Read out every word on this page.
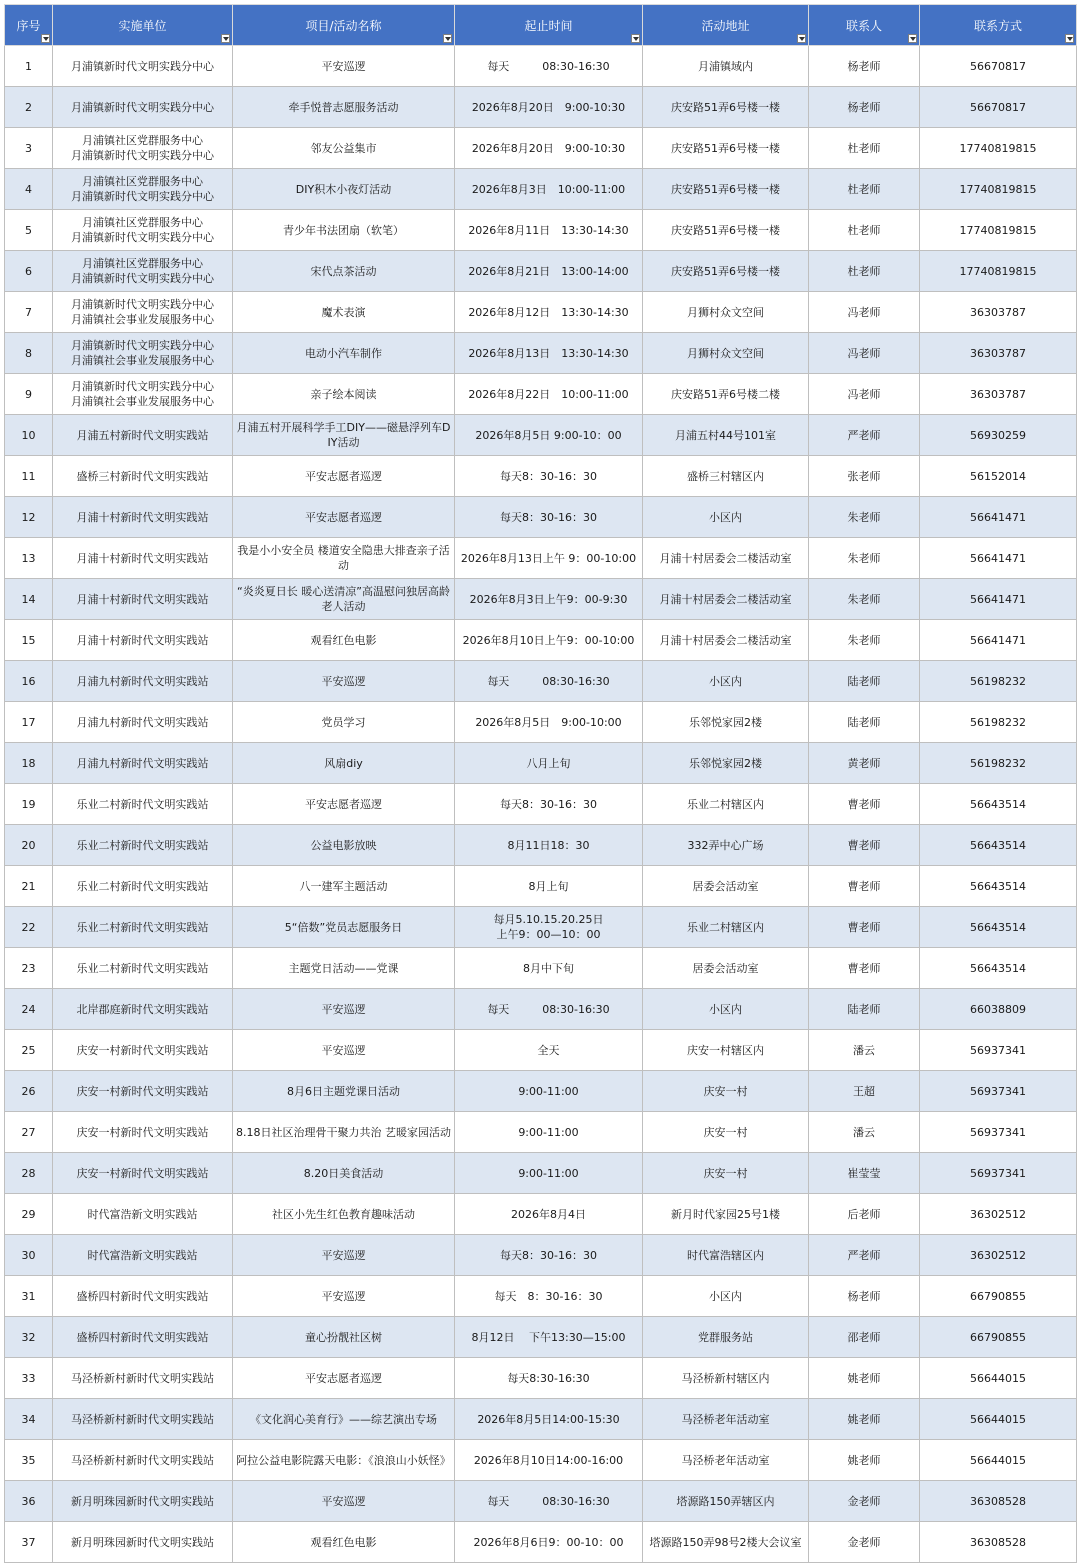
序号	实施单位	项目/活动名称	起止时间	活动地址	联系人	联系方式

1	月浦镇新时代文明实践分中心	平安巡逻	每天　　　08:30-16:30	月浦镇域内	杨老师	56670817
2	月浦镇新时代文明实践分中心	牵手悦普志愿服务活动	2026年8月20日　9:00-10:30	庆安路51弄6号楼一楼	杨老师	56670817
3	月浦镇社区党群服务中心
月浦镇新时代文明实践分中心	邻友公益集市	2026年8月20日　9:00-10:30	庆安路51弄6号楼一楼	杜老师	17740819815
4	月浦镇社区党群服务中心
月浦镇新时代文明实践分中心	DIY积木小夜灯活动	2026年8月3日　10:00-11:00	庆安路51弄6号楼一楼	杜老师	17740819815
5	月浦镇社区党群服务中心
月浦镇新时代文明实践分中心	青少年书法团扇（软笔）	2026年8月11日　13:30-14:30	庆安路51弄6号楼一楼	杜老师	17740819815
6	月浦镇社区党群服务中心
月浦镇新时代文明实践分中心	宋代点茶活动	2026年8月21日　13:00-14:00	庆安路51弄6号楼一楼	杜老师	17740819815
7	月浦镇新时代文明实践分中心
月浦镇社会事业发展服务中心	魔术表演	2026年8月12日　13:30-14:30	月狮村众文空间	冯老师	36303787
8	月浦镇新时代文明实践分中心
月浦镇社会事业发展服务中心	电动小汽车制作	2026年8月13日　13:30-14:30	月狮村众文空间	冯老师	36303787
9	月浦镇新时代文明实践分中心
月浦镇社会事业发展服务中心	亲子绘本阅读	2026年8月22日　10:00-11:00	庆安路51弄6号楼二楼	冯老师	36303787
10	月浦五村新时代文明实践站	月浦五村开展科学手工DIY——磁悬浮列车DIY活动	2026年8月5日 9:00-10：00	月浦五村44号101室	严老师	56930259
11	盛桥三村新时代文明实践站	平安志愿者巡逻	每天8：30-16：30	盛桥三村辖区内	张老师	56152014
12	月浦十村新时代文明实践站	平安志愿者巡逻	每天8：30-16：30	小区内	朱老师	56641471
13	月浦十村新时代文明实践站	我是小小安全员 楼道安全隐患大排查亲子活动	2026年8月13日上午 9：00-10:00	月浦十村居委会二楼活动室	朱老师	56641471
14	月浦十村新时代文明实践站	“炎炎夏日长 暖心送清凉”高温慰问独居高龄老人活动	2026年8月3日上午9：00-9:30	月浦十村居委会二楼活动室	朱老师	56641471
15	月浦十村新时代文明实践站	观看红色电影	2026年8月10日上午9：00-10:00	月浦十村居委会二楼活动室	朱老师	56641471
16	月浦九村新时代文明实践站	平安巡逻	每天　　　08:30-16:30	小区内	陆老师	56198232
17	月浦九村新时代文明实践站	党员学习	2026年8月5日　9:00-10:00	乐邻悦家园2楼	陆老师	56198232
18	月浦九村新时代文明实践站	风扇diy	八月上旬	乐邻悦家园2楼	黄老师	56198232
19	乐业二村新时代文明实践站	平安志愿者巡逻	每天8：30-16：30	乐业二村辖区内	曹老师	56643514
20	乐业二村新时代文明实践站	公益电影放映	8月11日18：30	332弄中心广场	曹老师	56643514
21	乐业二村新时代文明实践站	八一建军主题活动	8月上旬	居委会活动室	曹老师	56643514
22	乐业二村新时代文明实践站	5“倍数”党员志愿服务日	每月5.10.15.20.25日
上午9：00—10：00	乐业二村辖区内	曹老师	56643514
23	乐业二村新时代文明实践站	主题党日活动——党课	8月中下旬	居委会活动室	曹老师	56643514
24	北岸郡庭新时代文明实践站	平安巡逻	每天　　　08:30-16:30	小区内	陆老师	66038809
25	庆安一村新时代文明实践站	平安巡逻	全天	庆安一村辖区内	潘云	56937341
26	庆安一村新时代文明实践站	8月6日主题党课日活动	9:00-11:00	庆安一村	王超	56937341
27	庆安一村新时代文明实践站	8.18日社区治理骨干聚力共治 艺暖家园活动	9:00-11:00	庆安一村	潘云	56937341
28	庆安一村新时代文明实践站	8.20日美食活动	9:00-11:00	庆安一村	崔莹莹	56937341
29	时代富浩新文明实践站	社区小先生红色教育趣味活动	2026年8月4日	新月时代家园25号1楼	后老师	36302512
30	时代富浩新文明实践站	平安巡逻	每天8：30-16：30	时代富浩辖区内	严老师	36302512
31	盛桥四村新时代文明实践站	平安巡逻	每天　8：30-16：30	小区内	杨老师	66790855
32	盛桥四村新时代文明实践站	童心扮靓社区树	8月12日　 下午13:30—15:00	党群服务站	邵老师	66790855
33	马泾桥新村新时代文明实践站	平安志愿者巡逻	每天8:30-16:30	马泾桥新村辖区内	姚老师	56644015
34	马泾桥新村新时代文明实践站	《文化润心美育行》——综艺演出专场	2026年8月5日14:00-15:30	马泾桥老年活动室	姚老师	56644015
35	马泾桥新村新时代文明实践站	阿拉公益电影院露天电影：《浪浪山小妖怪》	2026年8月10日14:00-16:00	马泾桥老年活动室	姚老师	56644015
36	新月明珠园新时代文明实践站	平安巡逻	每天　　　08:30-16:30	塔源路150弄辖区内	金老师	36308528
37	新月明珠园新时代文明实践站	观看红色电影	2026年8月6日9：00-10：00	塔源路150弄98号2楼大会议室	金老师	36308528
